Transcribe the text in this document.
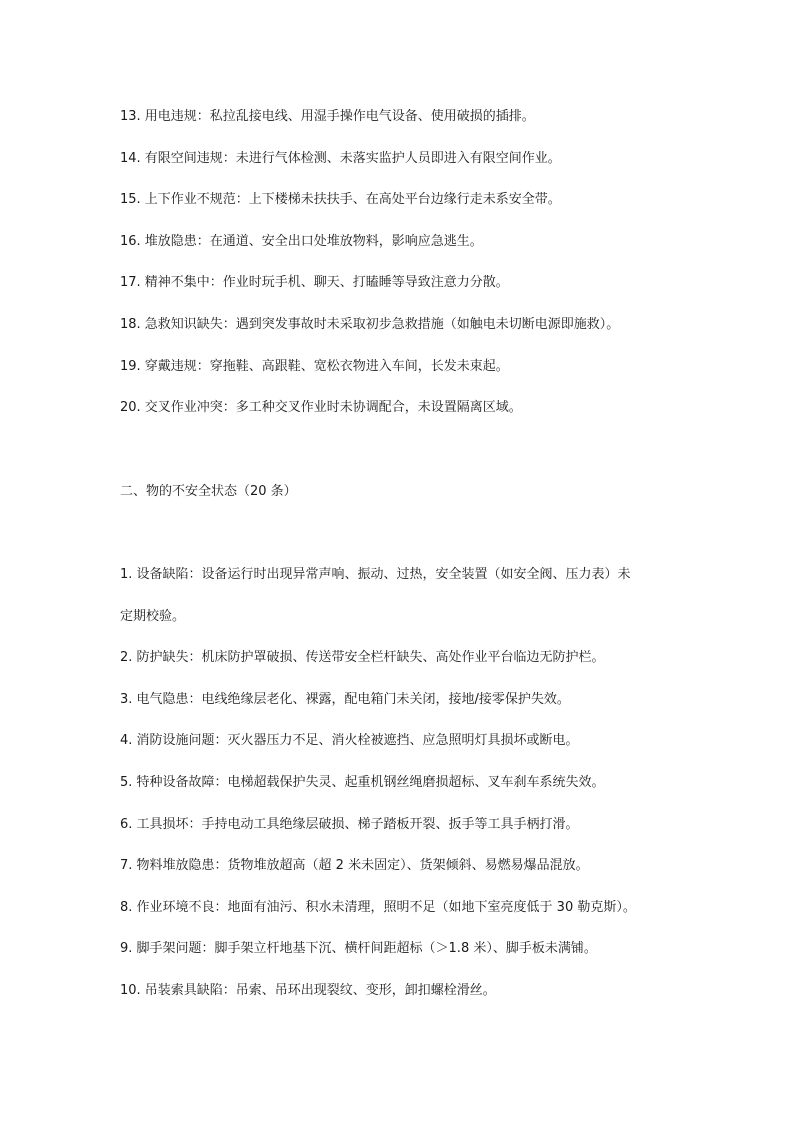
13. 用电违规：私拉乱接电线、用湿手操作电气设备、使用破损的插排。
14. 有限空间违规：未进行气体检测、未落实监护人员即进入有限空间作业。
15. 上下作业不规范：上下楼梯未扶扶手、在高处平台边缘行走未系安全带。
16. 堆放隐患：在通道、安全出口处堆放物料，影响应急逃生。
17. 精神不集中：作业时玩手机、聊天、打瞌睡等导致注意力分散。
18. 急救知识缺失：遇到突发事故时未采取初步急救措施（如触电未切断电源即施救）。
19. 穿戴违规：穿拖鞋、高跟鞋、宽松衣物进入车间，长发未束起。
20. 交叉作业冲突：多工种交叉作业时未协调配合，未设置隔离区域。
二、物的不安全状态（20 条）
1. 设备缺陷：设备运行时出现异常声响、振动、过热，安全装置（如安全阀、压力表）未
定期校验。
2. 防护缺失：机床防护罩破损、传送带安全栏杆缺失、高处作业平台临边无防护栏。
3. 电气隐患：电线绝缘层老化、裸露，配电箱门未关闭，接地/接零保护失效。
4. 消防设施问题：灭火器压力不足、消火栓被遮挡、应急照明灯具损坏或断电。
5. 特种设备故障：电梯超载保护失灵、起重机钢丝绳磨损超标、叉车刹车系统失效。
6. 工具损坏：手持电动工具绝缘层破损、梯子踏板开裂、扳手等工具手柄打滑。
7. 物料堆放隐患：货物堆放超高（超 2 米未固定）、货架倾斜、易燃易爆品混放。
8. 作业环境不良：地面有油污、积水未清理，照明不足（如地下室亮度低于 30 勒克斯）。
9. 脚手架问题：脚手架立杆地基下沉、横杆间距超标（＞1.8 米）、脚手板未满铺。
10. 吊装索具缺陷：吊索、吊环出现裂纹、变形，卸扣螺栓滑丝。
